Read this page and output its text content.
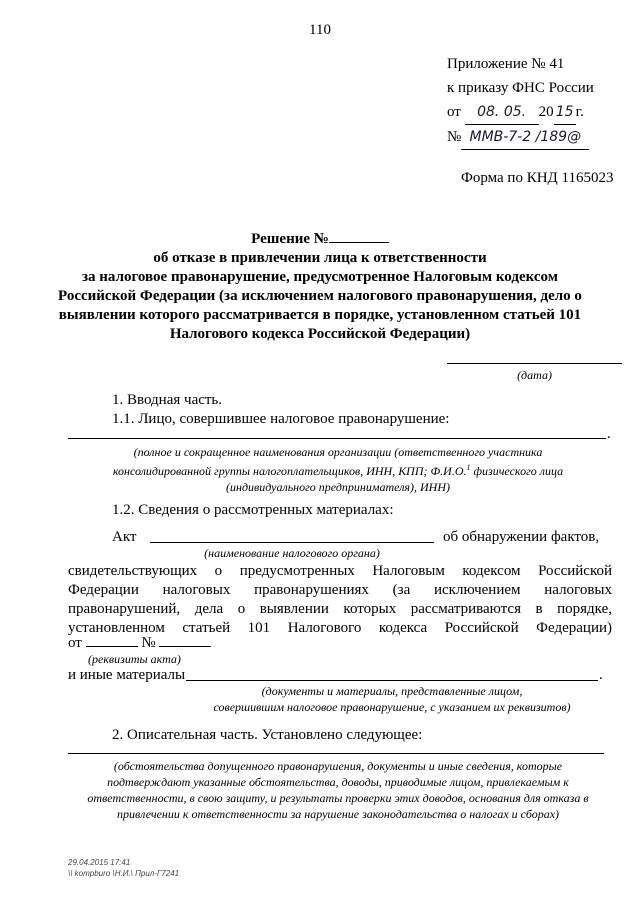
110
Приложение № 41
к приказу ФНС России
от 08. 05. 20 15 г.
№ ММВ-7-2 /189@
Форма по КНД 1165023
Решение №
об отказе в привлечении лица к ответственности
за налоговое правонарушение, предусмотренное Налоговым кодексом
Российской Федерации (за исключением налогового правонарушения, дело о
выявлении которого рассматривается в порядке, установленном статьей 101
Налогового кодекса Российской Федерации)
(дата)
1. Вводная часть.
1.1. Лицо, совершившее налоговое правонарушение:
.
(полное и сокращенное наименования организации (ответственного участника
консолидированной группы налогоплательщиков, ИНН, КПП; Ф.И.О.$^1$ физического лица
(индивидуального предпринимателя), ИНН)
1.2. Сведения о рассмотренных материалах:
Акт	об обнаружении фактов,
(наименование налогового органа)
свидетельствующих о предусмотренных Налоговым кодексом Российской
Федерации налоговых правонарушениях (за исключением налоговых
правонарушений, дела о выявлении которых рассматриваются в порядке,
установленном статьей 101 Налогового кодекса Российской Федерации)
от	№
(реквизиты акта)
и иные материалы	.
(документы и материалы, представленные лицом,
совершившим налоговое правонарушение, с указанием их реквизитов)
2. Описательная часть. Установлено следующее:
(обстоятельства допущенного правонарушения, документы и иные сведения, которые
подтверждают указанные обстоятельства, доводы, приводимые лицом, привлекаемым к
ответственности, в свою защиту, и результаты проверки этих доводов, основания для отказа в
привлечении к ответственности за нарушение законодательства о налогах и сборах)
29.04.2015 17:41
\\ kompburo \Н.И.\ Прил-Г7241
